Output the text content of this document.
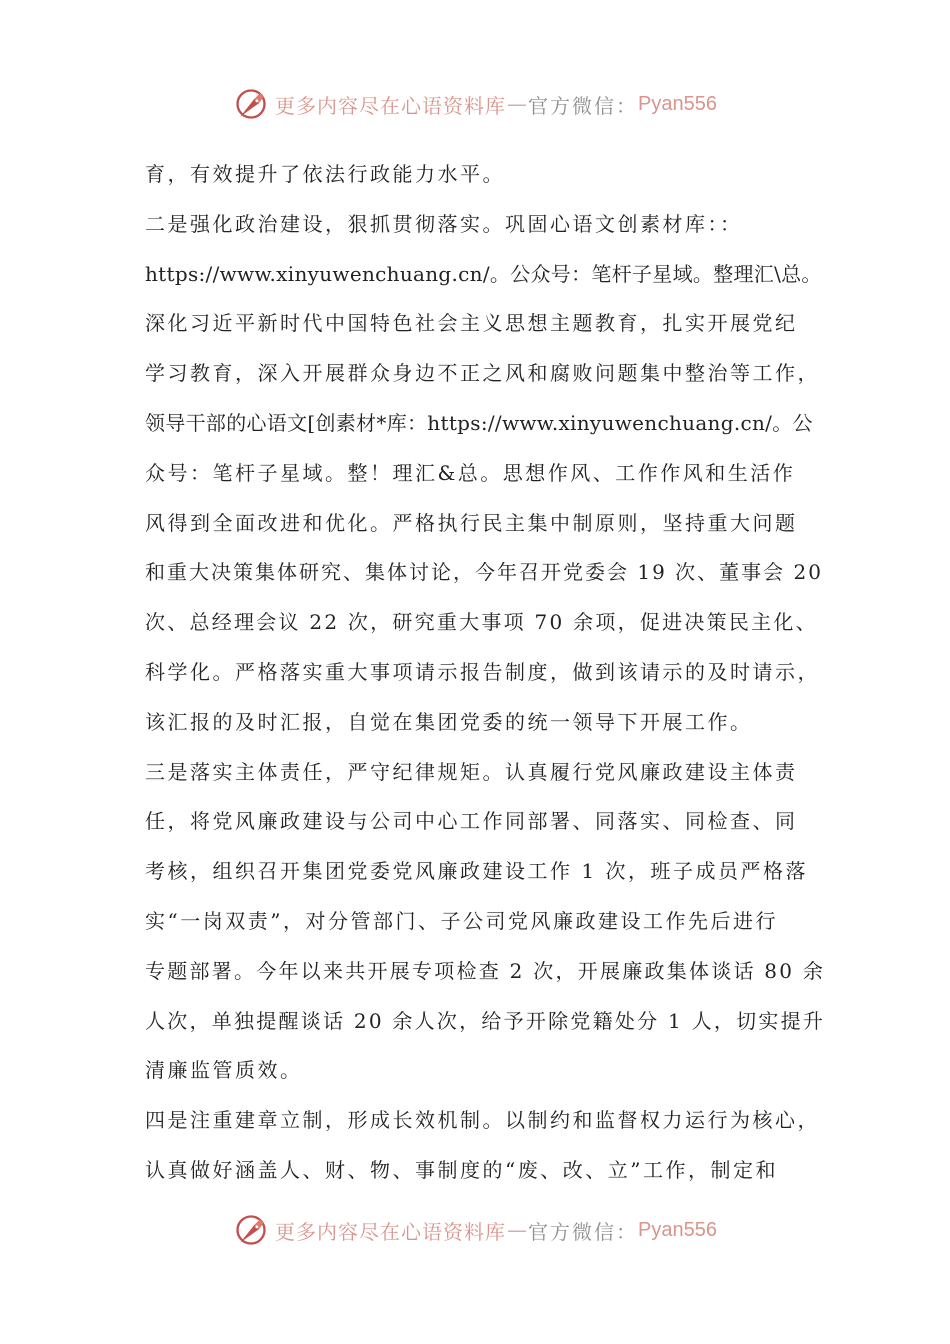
更多内容尽在心语资料库 — 官方微信： Pyan556
育，有效提升了依法行政能力水平。
二是强化政治建设，狠抓贯彻落实。巩固心语文创素材库：：
https://www.xinyuwenchuang.cn/。公众号：笔杆子星域。整理汇\总。
深化习近平新时代中国特色社会主义思想主题教育，扎实开展党纪
学习教育，深入开展群众身边不正之风和腐败问题集中整治等工作，
领导干部的心语文[创素材*库：https://www.xinyuwenchuang.cn/。公
众号：笔杆子星域。整！理汇&总。思想作风、工作作风和生活作
风得到全面改进和优化。严格执行民主集中制原则，坚持重大问题
和重大决策集体研究、集体讨论，今年召开党委会 19 次、董事会 20
次、总经理会议 22 次，研究重大事项 70 余项，促进决策民主化、
科学化。严格落实重大事项请示报告制度，做到该请示的及时请示，
该汇报的及时汇报，自觉在集团党委的统一领导下开展工作。
三是落实主体责任，严守纪律规矩。认真履行党风廉政建设主体责
任，将党风廉政建设与公司中心工作同部署、同落实、同检查、同
考核，组织召开集团党委党风廉政建设工作 1 次，班子成员严格落
实“一岗双责”，对分管部门、子公司党风廉政建设工作先后进行
专题部署。今年以来共开展专项检查 2 次，开展廉政集体谈话 80 余
人次，单独提醒谈话 20 余人次，给予开除党籍处分 1 人，切实提升
清廉监管质效。
四是注重建章立制，形成长效机制。以制约和监督权力运行为核心，
认真做好涵盖人、财、物、事制度的“废、改、立”工作，制定和
更多内容尽在心语资料库 — 官方微信： Pyan556
